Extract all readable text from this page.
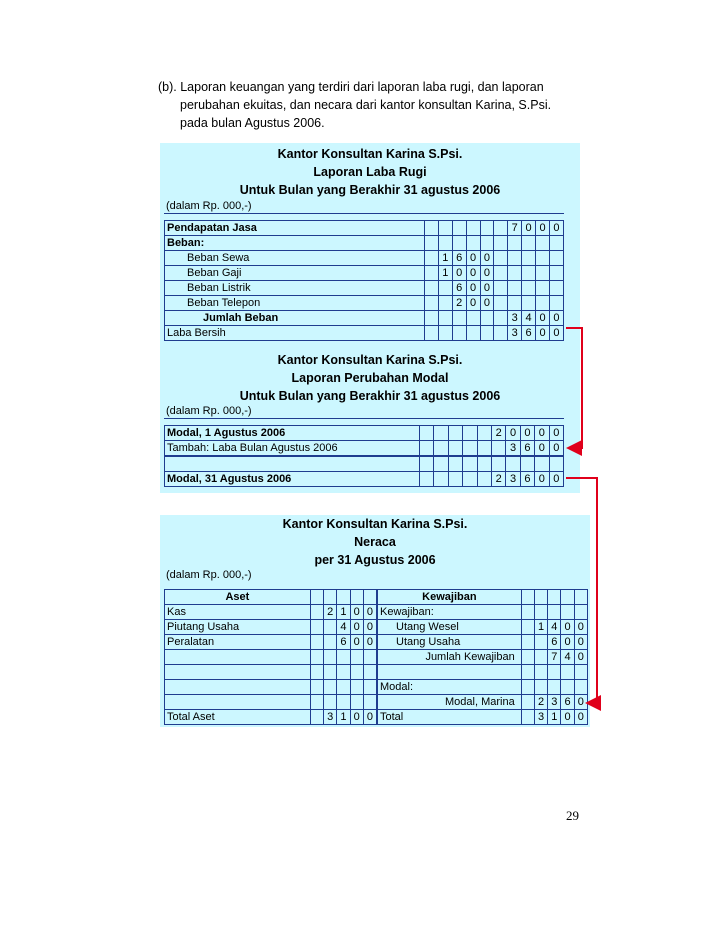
(b). Laporan keuangan yang terdiri dari laporan laba rugi, dan laporan
perubahan ekuitas, dan necara dari kantor konsultan Karina, S.Psi.
pada bulan Agustus 2006.
Kantor Konsultan Karina S.Psi.
Laporan Laba Rugi
Untuk Bulan yang Berakhir 31 agustus 2006
(dalam Rp. 000,-)
Pendapatan Jasa							7	0	0	0
Beban:										
Beban Sewa		1	6	0	0					
Beban Gaji		1	0	0	0					
Beban Listrik			6	0	0					
Beban Telepon			2	0	0					
Jumlah Beban							3	4	0	0
Laba Bersih							3	6	0	0
Kantor Konsultan Karina S.Psi.
Laporan Perubahan Modal
Untuk Bulan yang Berakhir 31 agustus 2006
(dalam Rp. 000,-)
Modal, 1 Agustus 2006						2	0	0	0	0
Tambah: Laba Bulan Agustus 2006							3	6	0	0

Modal, 31 Agustus 2006						2	3	6	0	0
Kantor Konsultan Karina S.Psi.
Neraca
per 31 Agustus 2006
(dalam Rp. 000,-)
Aset						Kewajiban					
Kas		2	1	0	0	Kewajiban:					
Piutang Usaha			4	0	0	Utang Wesel		1	4	0	0
Peralatan			6	0	0	Utang Usaha			6	0	0
						Jumlah Kewajiban			7	4	0

						Modal:					
						Modal, Marina		2	3	6	0
Total Aset		3	1	0	0	Total		3	1	0	0
29
